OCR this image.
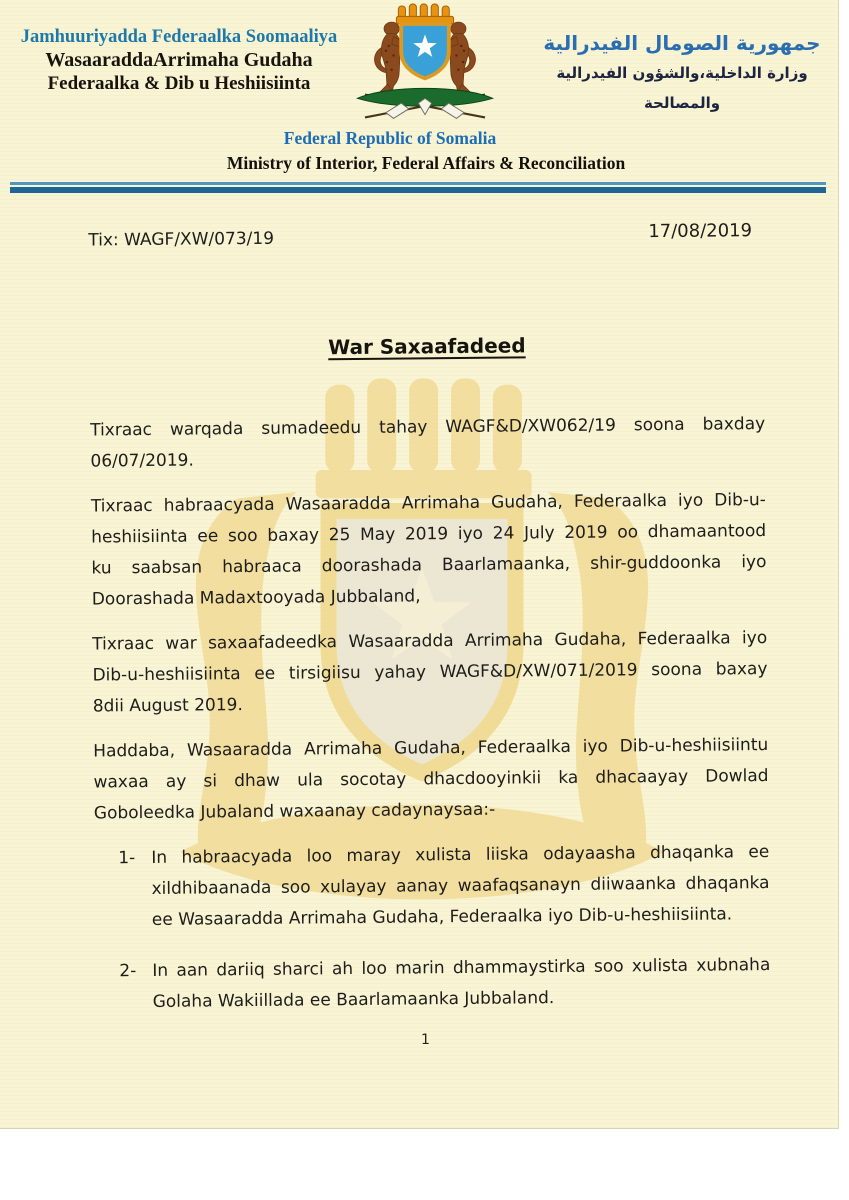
Jamhuuriyadda Federaalka Soomaaliya
WasaaraddaArrimaha Gudaha
Federaalka & Dib u Heshiisiinta
جمهورية الصومال الفيدرالية
وزارة الداخلية،والشؤون الفيدرالية والمصالحة
Federal Republic of Somalia
Ministry of Interior, Federal Affairs & Reconciliation
Tix: WAGF/XW/073/19	17/08/2019
War Saxaafadeed

Tixraac warqada sumadeedu tahay WAGF&D/XW062/19 soona baxday
06/07/2019.

Tixraac habraacyada Wasaaradda Arrimaha Gudaha, Federaalka iyo Dib-u-
heshiisiinta ee soo baxay 25 May 2019 iyo 24 July 2019 oo dhamaantood
ku saabsan habraaca doorashada Baarlamaanka, shir-guddoonka iyo
Doorashada Madaxtooyada Jubbaland,

Tixraac war saxaafadeedka Wasaaradda Arrimaha Gudaha, Federaalka iyo
Dib-u-heshiisiinta ee tirsigiisu yahay WAGF&D/XW/071/2019 soona baxay
8dii August 2019.

Haddaba, Wasaaradda Arrimaha Gudaha, Federaalka iyo Dib-u-heshiisiintu
waxaa ay si dhaw ula socotay dhacdooyinkii ka dhacaayay Dowlad
Goboleedka Jubaland waxaanay cadaynaysaa:-

1- In habraacyada loo maray xulista liiska odayaasha dhaqanka ee
xildhibaanada soo xulayay aanay waafaqsanayn diiwaanka dhaqanka
ee Wasaaradda Arrimaha Gudaha, Federaalka iyo Dib-u-heshiisiinta.
2- In aan dariiq sharci ah loo marin dhammaystirka soo xulista xubnaha
Golaha Wakiillada ee Baarlamaanka Jubbaland.
1
